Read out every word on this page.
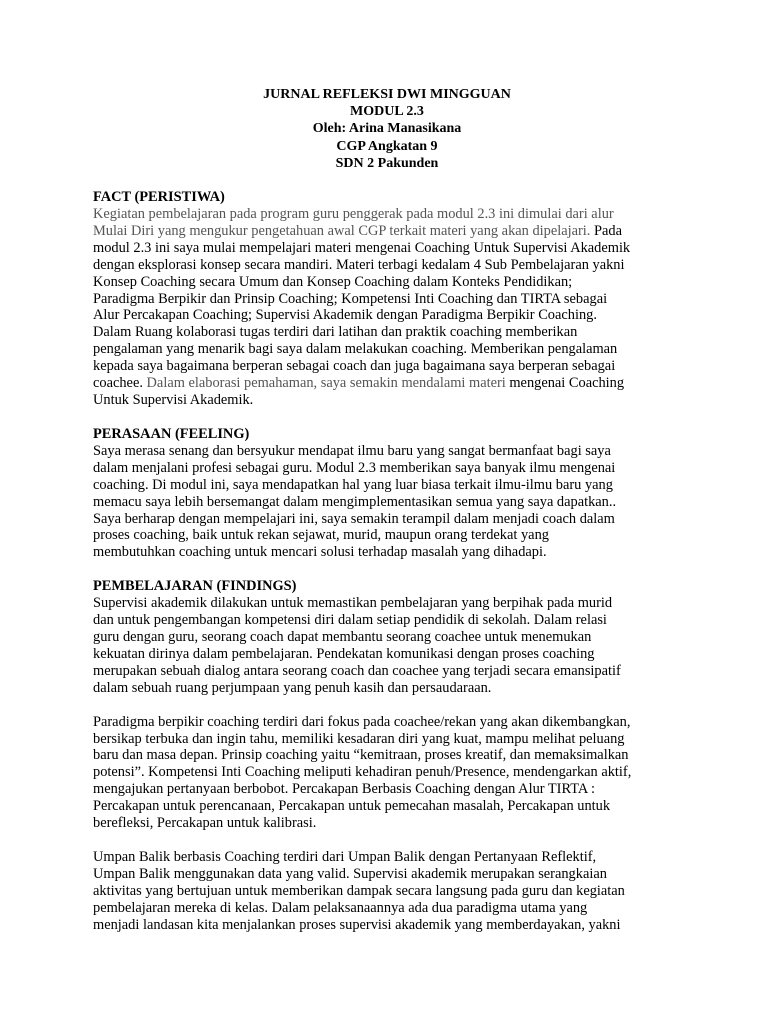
JURNAL REFLEKSI DWI MINGGUAN
MODUL 2.3
Oleh: Arina Manasikana
CGP Angkatan 9
SDN 2 Pakunden
FACT (PERISTIWA)
Kegiatan pembelajaran pada program guru penggerak pada modul 2.3 ini dimulai dari alur
Mulai Diri yang mengukur pengetahuan awal CGP terkait materi yang akan dipelajari. Pada
modul 2.3 ini saya mulai mempelajari materi mengenai Coaching Untuk Supervisi Akademik
dengan eksplorasi konsep secara mandiri. Materi terbagi kedalam 4 Sub Pembelajaran yakni
Konsep Coaching secara Umum dan Konsep Coaching dalam Konteks Pendidikan;
Paradigma Berpikir dan Prinsip Coaching; Kompetensi Inti Coaching dan TIRTA sebagai
Alur Percakapan Coaching; Supervisi Akademik dengan Paradigma Berpikir Coaching.
Dalam Ruang kolaborasi tugas terdiri dari latihan dan praktik coaching memberikan
pengalaman yang menarik bagi saya dalam melakukan coaching. Memberikan pengalaman
kepada saya bagaimana berperan sebagai coach dan juga bagaimana saya berperan sebagai
coachee. Dalam elaborasi pemahaman, saya semakin mendalami materi mengenai Coaching
Untuk Supervisi Akademik.
PERASAAN (FEELING)
Saya merasa senang dan bersyukur mendapat ilmu baru yang sangat bermanfaat bagi saya
dalam menjalani profesi sebagai guru. Modul 2.3 memberikan saya banyak ilmu mengenai
coaching. Di modul ini, saya mendapatkan hal yang luar biasa terkait ilmu-ilmu baru yang
memacu saya lebih bersemangat dalam mengimplementasikan semua yang saya dapatkan..
Saya berharap dengan mempelajari ini, saya semakin terampil dalam menjadi coach dalam
proses coaching, baik untuk rekan sejawat, murid, maupun orang terdekat yang
membutuhkan coaching untuk mencari solusi terhadap masalah yang dihadapi.
PEMBELAJARAN (FINDINGS)
Supervisi akademik dilakukan untuk memastikan pembelajaran yang berpihak pada murid
dan untuk pengembangan kompetensi diri dalam setiap pendidik di sekolah. Dalam relasi
guru dengan guru, seorang coach dapat membantu seorang coachee untuk menemukan
kekuatan dirinya dalam pembelajaran. Pendekatan komunikasi dengan proses coaching
merupakan sebuah dialog antara seorang coach dan coachee yang terjadi secara emansipatif
dalam sebuah ruang perjumpaan yang penuh kasih dan persaudaraan.
Paradigma berpikir coaching terdiri dari fokus pada coachee/rekan yang akan dikembangkan,
bersikap terbuka dan ingin tahu, memiliki kesadaran diri yang kuat, mampu melihat peluang
baru dan masa depan. Prinsip coaching yaitu “kemitraan, proses kreatif, dan memaksimalkan
potensi”. Kompetensi Inti Coaching meliputi kehadiran penuh/Presence, mendengarkan aktif,
mengajukan pertanyaan berbobot. Percakapan Berbasis Coaching dengan Alur TIRTA :
Percakapan untuk perencanaan, Percakapan untuk pemecahan masalah, Percakapan untuk
berefleksi, Percakapan untuk kalibrasi.
Umpan Balik berbasis Coaching terdiri dari Umpan Balik dengan Pertanyaan Reflektif,
Umpan Balik menggunakan data yang valid. Supervisi akademik merupakan serangkaian
aktivitas yang bertujuan untuk memberikan dampak secara langsung pada guru dan kegiatan
pembelajaran mereka di kelas. Dalam pelaksanaannya ada dua paradigma utama yang
menjadi landasan kita menjalankan proses supervisi akademik yang memberdayakan, yakni
